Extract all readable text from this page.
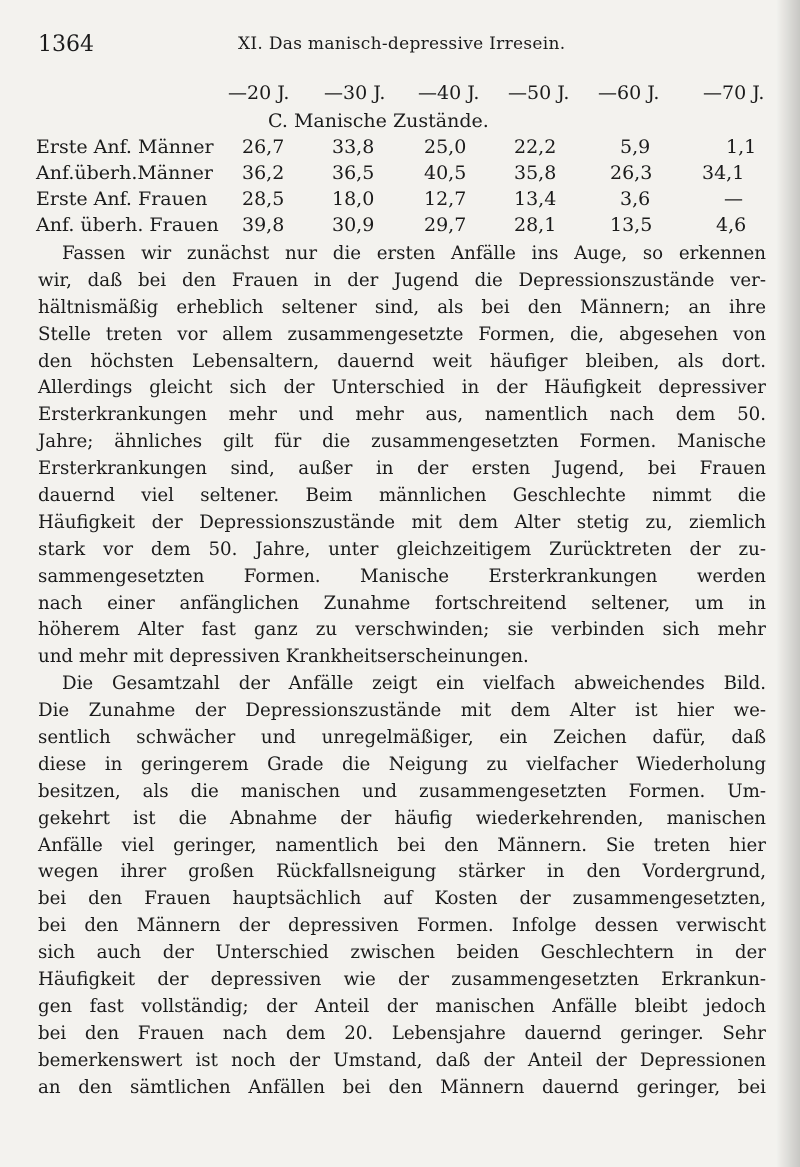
1364	XI. Das manisch-depressive Irresein.
—20 J. —30 J. —40 J. —50 J. —60 J. —70 J.
C. Manische Zustände.
Erste Anf. Männer 26,7	33,8	25,0	22,2	5,9	1,1
Anf.überh.Männer 36,2	36,5	40,5	35,8	26,3	34,1
Erste Anf. Frauen 28,5	18,0	12,7	13,4	3,6	—
Anf. überh. Frauen 39,8	30,9	29,7	28,1	13,5	4,6
Fassen wir zunächst nur die ersten Anfälle ins Auge, so erkennen
wir, daß bei den Frauen in der Jugend die Depressionszustände ver-
hältnismäßig erheblich seltener sind, als bei den Männern; an ihre
Stelle treten vor allem zusammengesetzte Formen, die, abgesehen von
den höchsten Lebensaltern, dauernd weit häufiger bleiben, als dort.
Allerdings gleicht sich der Unterschied in der Häufigkeit depressiver
Ersterkrankungen mehr und mehr aus, namentlich nach dem 50.
Jahre; ähnliches gilt für die zusammengesetzten Formen. Manische
Ersterkrankungen sind, außer in der ersten Jugend, bei Frauen
dauernd viel seltener. Beim männlichen Geschlechte nimmt die
Häufigkeit der Depressionszustände mit dem Alter stetig zu, ziemlich
stark vor dem 50. Jahre, unter gleichzeitigem Zurücktreten der zu-
sammengesetzten Formen. Manische Ersterkrankungen werden
nach einer anfänglichen Zunahme fortschreitend seltener, um in
höherem Alter fast ganz zu verschwinden; sie verbinden sich mehr
und mehr mit depressiven Krankheitserscheinungen.
Die Gesamtzahl der Anfälle zeigt ein vielfach abweichendes Bild.
Die Zunahme der Depressionszustände mit dem Alter ist hier we-
sentlich schwächer und unregelmäßiger, ein Zeichen dafür, daß
diese in geringerem Grade die Neigung zu vielfacher Wiederholung
besitzen, als die manischen und zusammengesetzten Formen. Um-
gekehrt ist die Abnahme der häufig wiederkehrenden, manischen
Anfälle viel geringer, namentlich bei den Männern. Sie treten hier
wegen ihrer großen Rückfallsneigung stärker in den Vordergrund,
bei den Frauen hauptsächlich auf Kosten der zusammengesetzten,
bei den Männern der depressiven Formen. Infolge dessen verwischt
sich auch der Unterschied zwischen beiden Geschlechtern in der
Häufigkeit der depressiven wie der zusammengesetzten Erkrankun-
gen fast vollständig; der Anteil der manischen Anfälle bleibt jedoch
bei den Frauen nach dem 20. Lebensjahre dauernd geringer. Sehr
bemerkenswert ist noch der Umstand, daß der Anteil der Depressionen
an den sämtlichen Anfällen bei den Männern dauernd geringer, bei
